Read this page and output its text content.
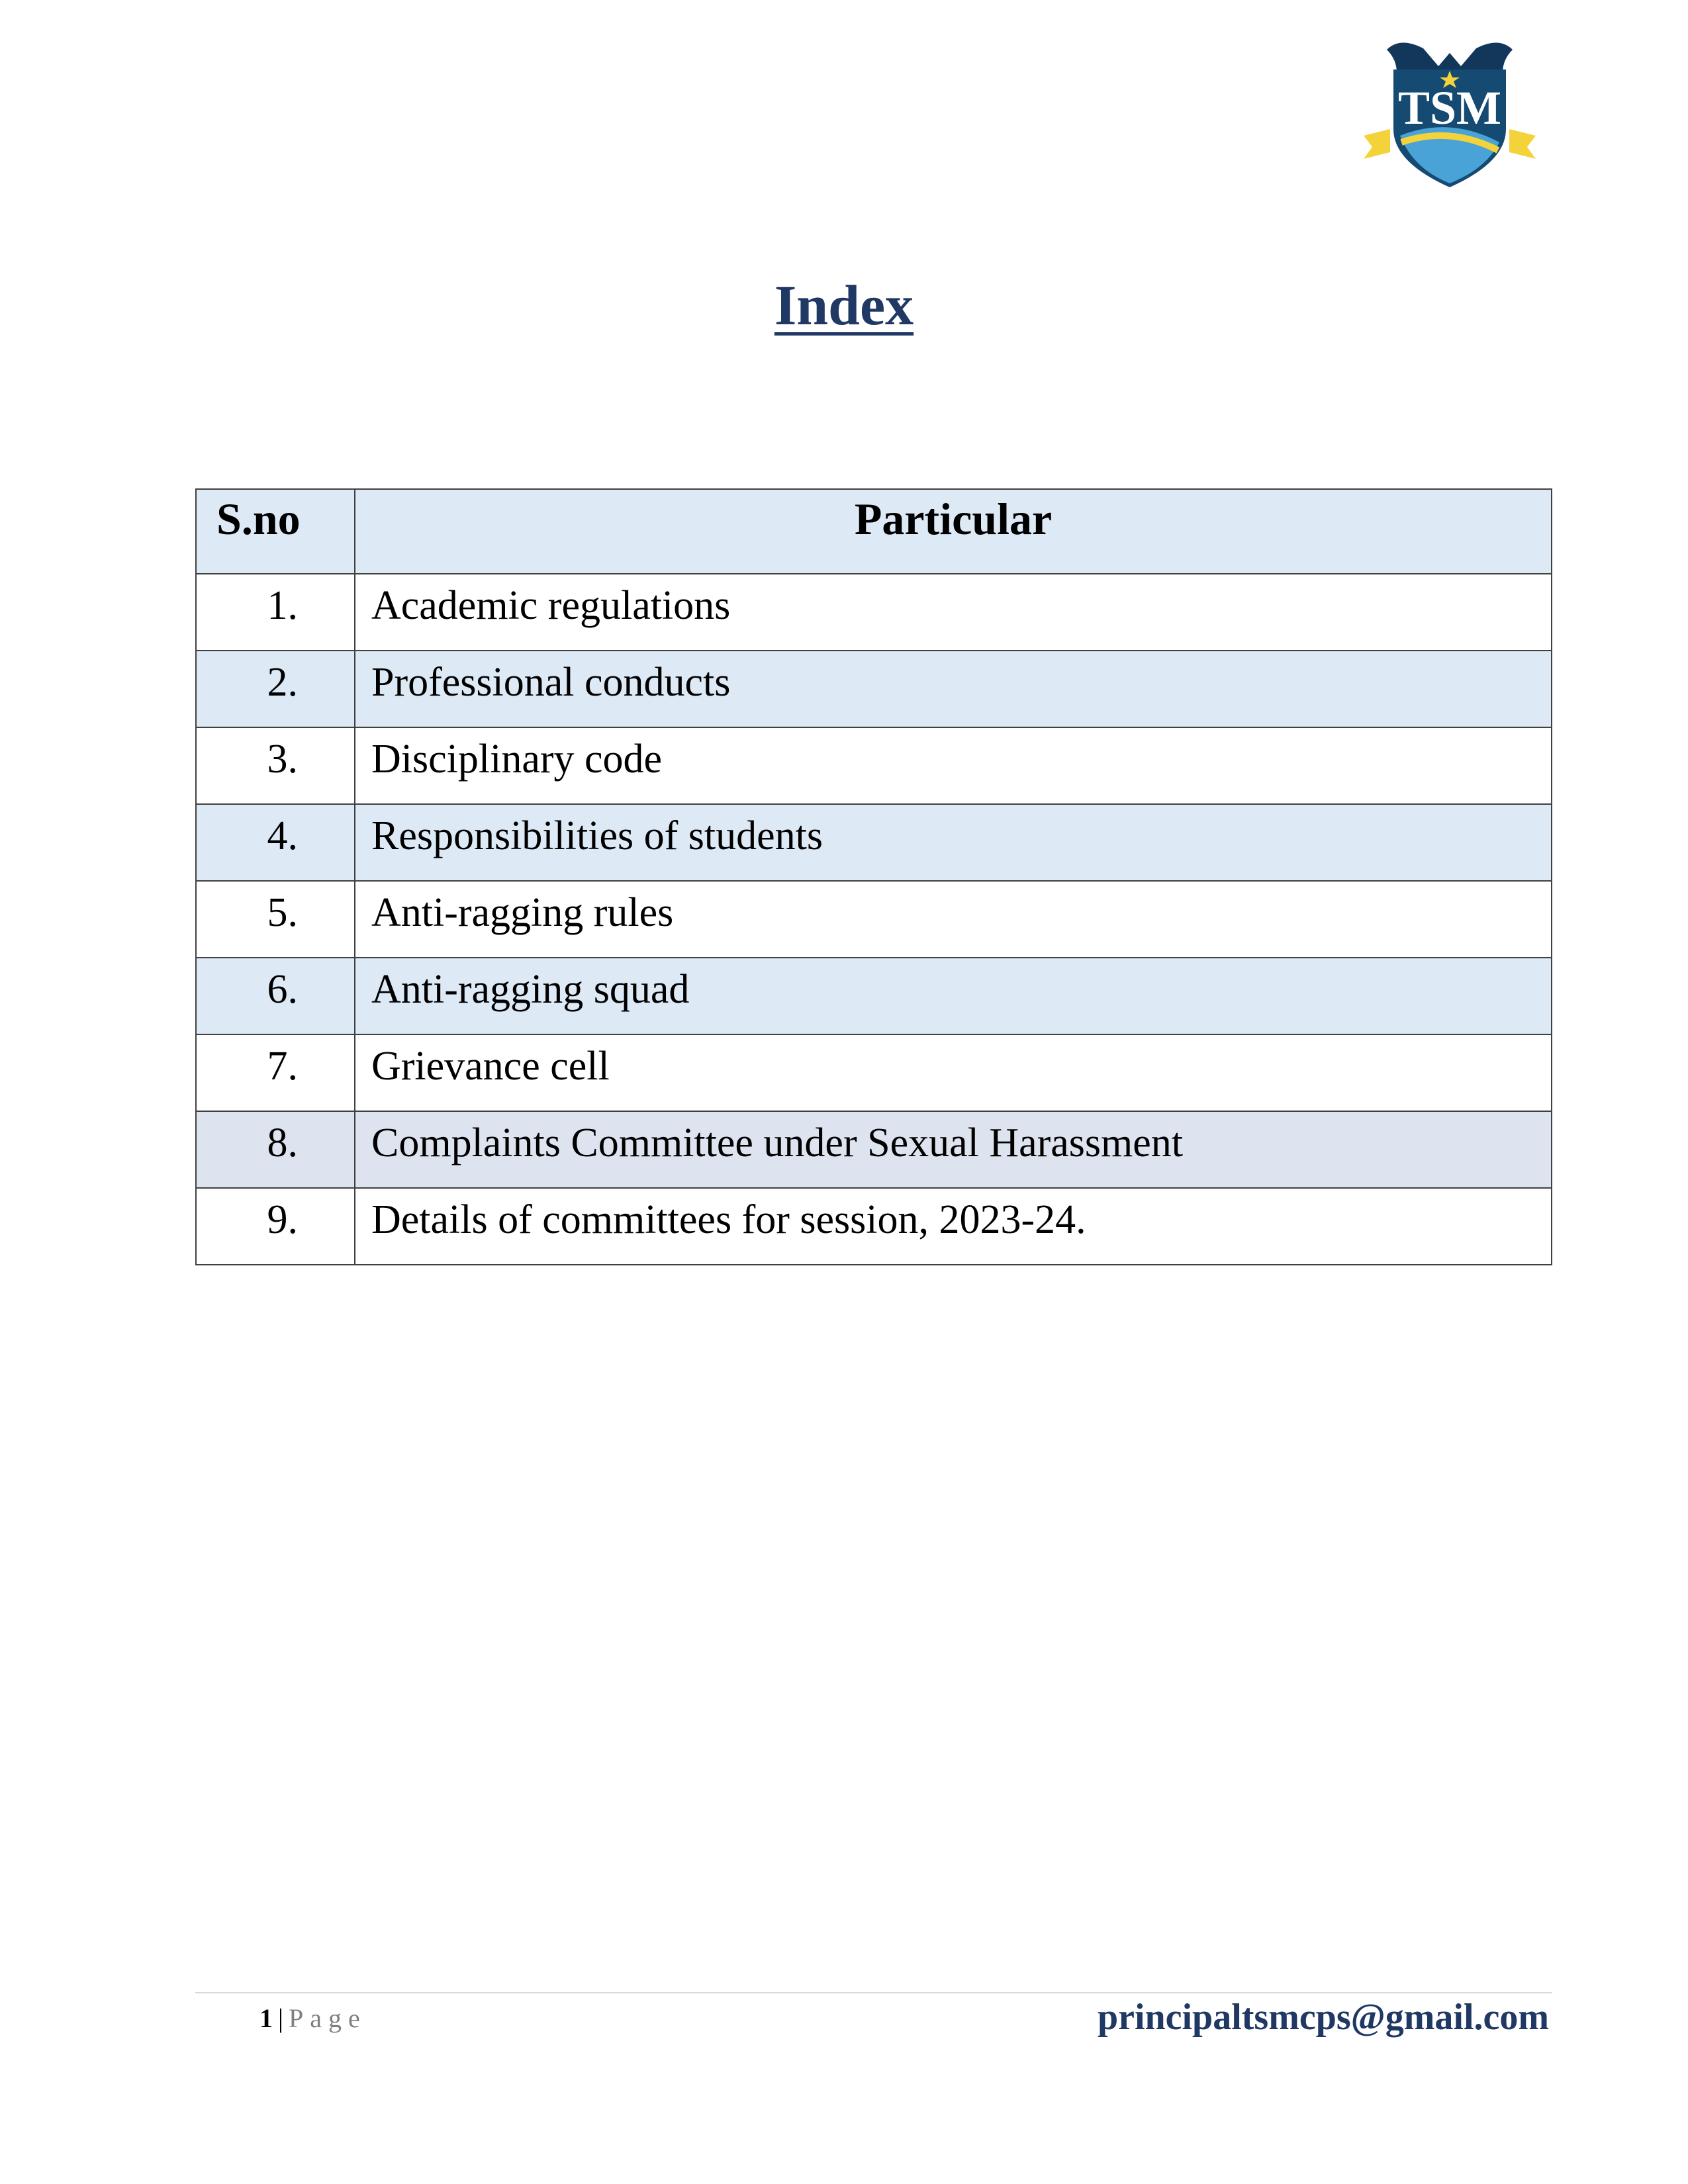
TSM
Index
S.no	Particular
1.	Academic regulations
2.	Professional conducts
3.	Disciplinary code
4.	Responsibilities of students
5.	Anti-ragging rules
6.	Anti-ragging squad
7.	Grievance cell
8.	Complaints Committee under Sexual Harassment
9.	Details of committees for session, 2023-24.
1 | Page	principaltsmcps@gmail.com
